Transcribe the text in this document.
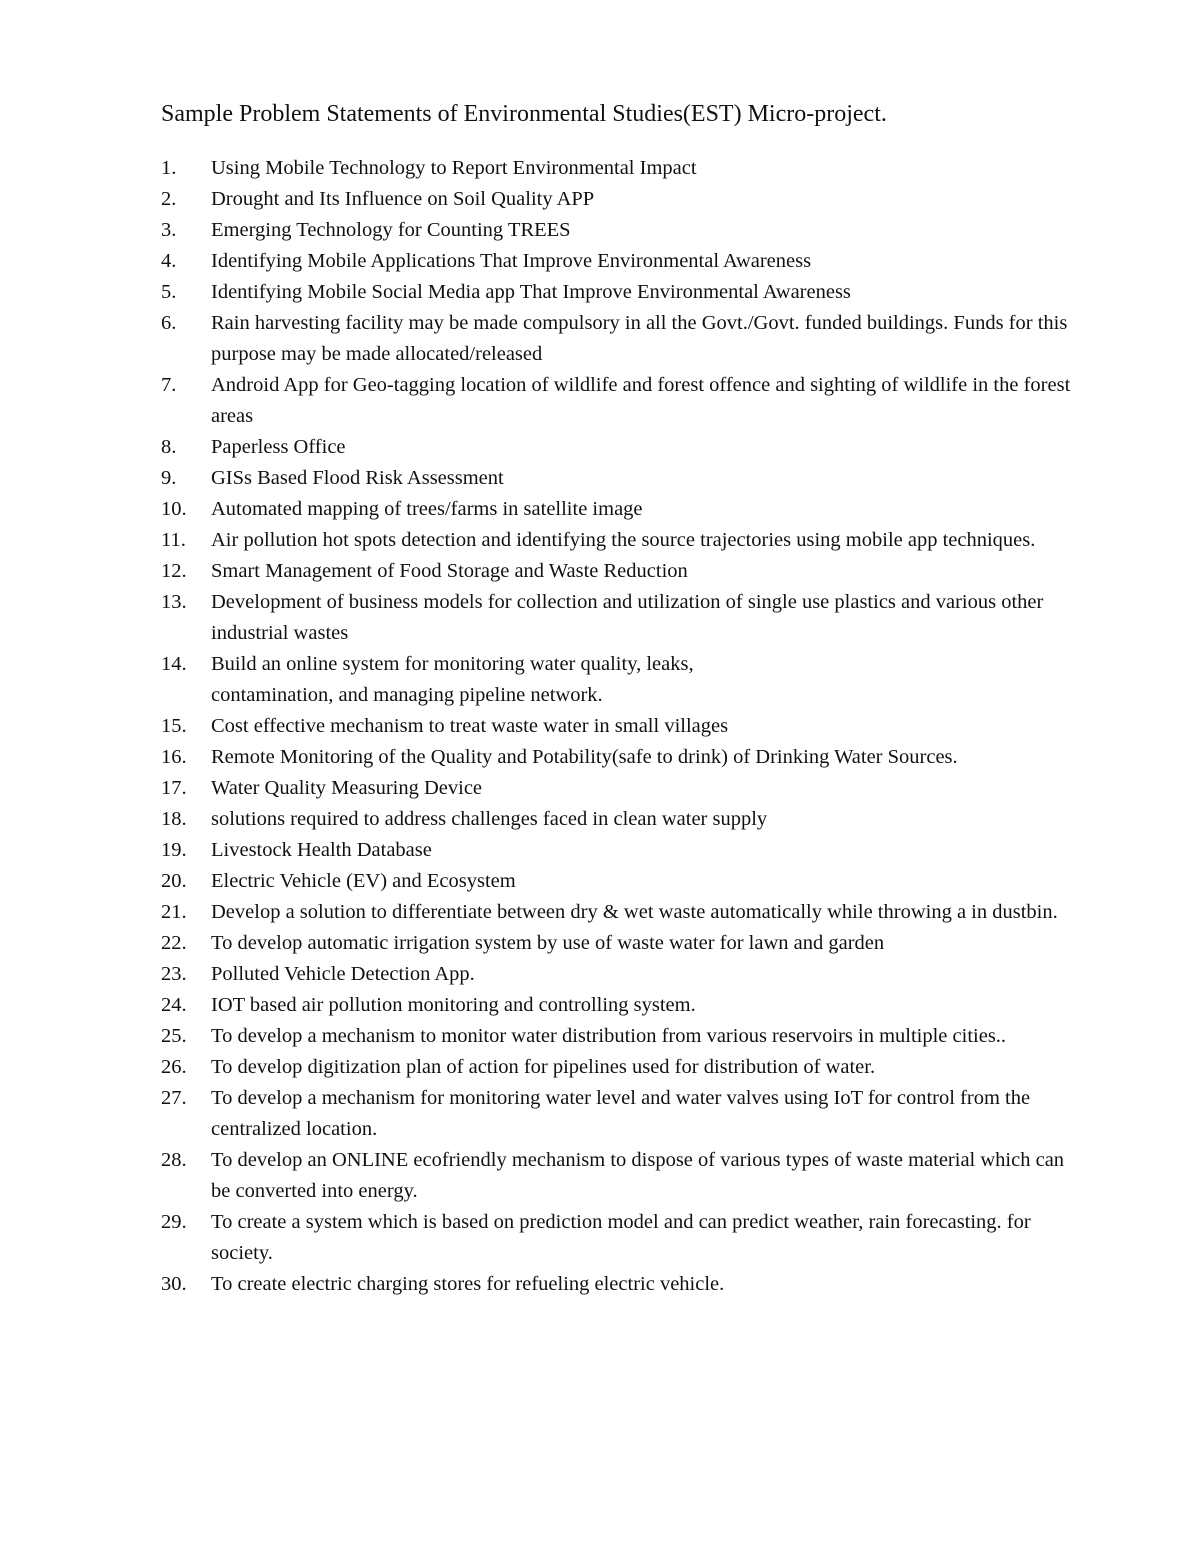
Sample Problem Statements of Environmental Studies(EST) Micro-project.
1.	Using Mobile Technology to Report Environmental Impact
2.	Drought and Its Influence on Soil Quality APP
3.	Emerging Technology for Counting TREES
4.	Identifying Mobile Applications That Improve Environmental Awareness
5.	Identifying Mobile Social Media app That Improve Environmental Awareness
6.	Rain harvesting facility may be made compulsory in all the Govt./Govt. funded buildings. Funds for this purpose may be made allocated/released
7.	Android App for Geo-tagging location of wildlife and forest offence and sighting of wildlife in the forest areas
8.	Paperless Office
9.	GISs Based Flood Risk Assessment
10.	Automated mapping of trees/farms in satellite image
11.	Air pollution hot spots detection and identifying the source trajectories using mobile app techniques.
12.	Smart Management of Food Storage and Waste Reduction
13.	Development of business models for collection and utilization of single use plastics and various other industrial wastes
14.	Build an online system for monitoring water quality, leaks,
contamination, and managing pipeline network.
15.	Cost effective mechanism to treat waste water in small villages
16.	Remote Monitoring of the Quality and Potability(safe to drink) of Drinking Water Sources.
17.	Water Quality Measuring Device
18.	solutions required to address challenges faced in clean water supply
19.	Livestock Health Database
20.	Electric Vehicle (EV) and Ecosystem
21.	Develop a solution to differentiate between dry & wet waste automatically while throwing a in dustbin.
22.	To develop automatic irrigation system by use of waste water for lawn and garden
23.	Polluted Vehicle Detection App.
24.	IOT based air pollution monitoring and controlling system.
25.	To develop a mechanism to monitor water distribution from various reservoirs in multiple cities..
26.	To develop digitization plan of action for pipelines used for distribution of water.
27.	To develop a mechanism for monitoring water level and water valves using IoT for control from the centralized location.
28.	To develop an ONLINE ecofriendly mechanism to dispose of various types of waste material which can be converted into energy.
29.	To create a system which is based on prediction model and can predict weather, rain forecasting. for society.
30.	To create electric charging stores for refueling electric vehicle.
